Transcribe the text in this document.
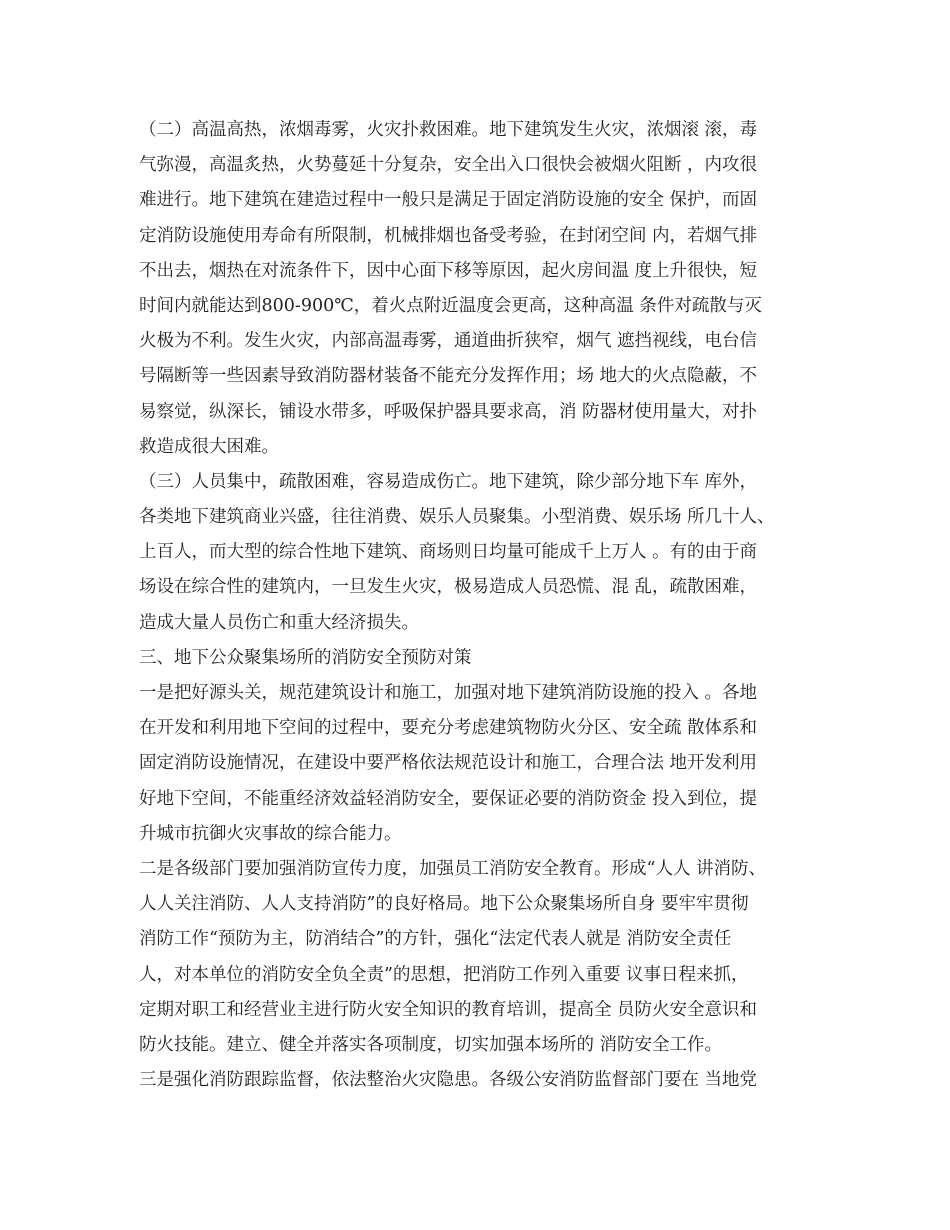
（二）高温高热，浓烟毒雾，火灾扑救困难。地下建筑发生火灾，浓烟滚 滚，毒
气弥漫，高温炙热，火势蔓延十分复杂，安全出入口很快会被烟火阻断 ，内攻很
难进行。地下建筑在建造过程中一般只是满足于固定消防设施的安全 保护，而固
定消防设施使用寿命有所限制，机械排烟也备受考验，在封闭空间 内，若烟气排
不出去，烟热在对流条件下，因中心面下移等原因，起火房间温 度上升很快，短
时间内就能达到800-900℃，着火点附近温度会更高，这种高温 条件对疏散与灭
火极为不利。发生火灾，内部高温毒雾，通道曲折狭窄，烟气 遮挡视线，电台信
号隔断等一些因素导致消防器材装备不能充分发挥作用；场 地大的火点隐蔽，不
易察觉，纵深长，铺设水带多，呼吸保护器具要求高，消 防器材使用量大，对扑
救造成很大困难。
（三）人员集中，疏散困难，容易造成伤亡。地下建筑，除少部分地下车 库外，
各类地下建筑商业兴盛，往往消费、娱乐人员聚集。小型消费、娱乐场 所几十人、
上百人，而大型的综合性地下建筑、商场则日均量可能成千上万人 。有的由于商
场设在综合性的建筑内，一旦发生火灾，极易造成人员恐慌、混 乱，疏散困难，
造成大量人员伤亡和重大经济损失。
三、地下公众聚集场所的消防安全预防对策
一是把好源头关，规范建筑设计和施工，加强对地下建筑消防设施的投入 。各地
在开发和利用地下空间的过程中，要充分考虑建筑物防火分区、安全疏 散体系和
固定消防设施情况，在建设中要严格依法规范设计和施工，合理合法 地开发利用
好地下空间，不能重经济效益轻消防安全，要保证必要的消防资金 投入到位，提
升城市抗御火灾事故的综合能力。
二是各级部门要加强消防宣传力度，加强员工消防安全教育。形成“人人 讲消防、
人人关注消防、人人支持消防”的良好格局。地下公众聚集场所自身 要牢牢贯彻
消防工作“预防为主，防消结合”的方针，强化“法定代表人就是 消防安全责任
人，对本单位的消防安全负全责”的思想，把消防工作列入重要 议事日程来抓，
定期对职工和经营业主进行防火安全知识的教育培训，提高全 员防火安全意识和
防火技能。建立、健全并落实各项制度，切实加强本场所的 消防安全工作。
三是强化消防跟踪监督，依法整治火灾隐患。各级公安消防监督部门要在 当地党
